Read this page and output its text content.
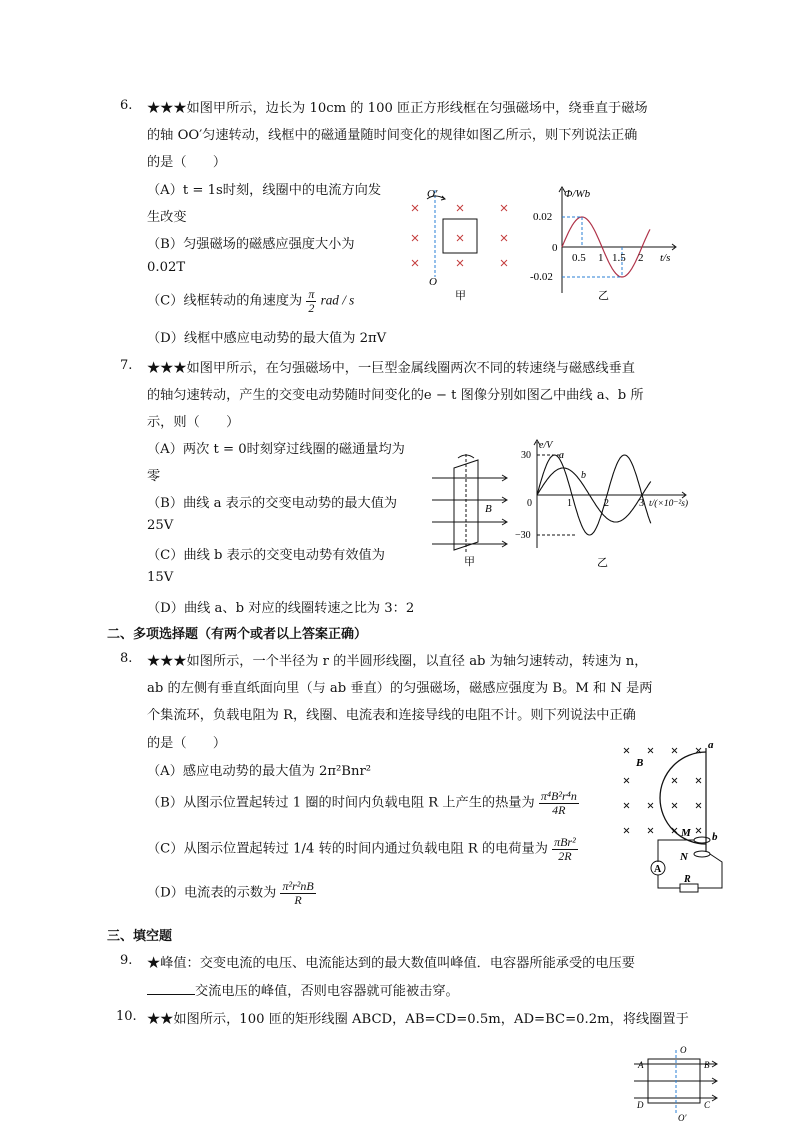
6. ★★★如图甲所示，边长为 10cm 的 100 匝正方形线框在匀强磁场中，绕垂直于磁场
的轴 OO′匀速转动，线框中的磁通量随时间变化的规律如图乙所示，则下列说法正确
的是（　　）
（A）t = 1s时刻，线圈中的电流方向发
生改变
（B）匀强磁场的磁感应强度大小为
0.02T
（C）线框转动的角速度为 $\frac{\pi}{2}$ rad / s
（D）线框中感应电动势的最大值为 2πV
O′
O
甲
Φ/Wb
t/s
0.02
0
-0.02
0.5 1 1.5 2
乙
7. ★★★如图甲所示，在匀强磁场中，一巨型金属线圈两次不同的转速绕与磁感线垂直
的轴匀速转动，产生的交变电动势随时间变化的e − t 图像分别如图乙中曲线 a、b 所
示，则（　　）
（A）两次 t = 0时刻穿过线圈的磁通量均为
零
（B）曲线 a 表示的交变电动势的最大值为
25V
（C）曲线 b 表示的交变电动势有效值为
15V
（D）曲线 a、b 对应的线圈转速之比为 3：2
B
甲
e/V
t/(×10⁻²s)
30
0
−30
1	2	3
a
b
乙
二、多项选择题（有两个或者以上答案正确）
8. ★★★如图所示，一个半径为 r 的半圆形线圈，以直径 ab 为轴匀速转动，转速为 n，
ab 的左侧有垂直纸面向里（与 ab 垂直）的匀强磁场，磁感应强度为 B。M 和 N 是两
个集流环，负载电阻为 R，线圈、电流表和连接导线的电阻不计。则下列说法中正确
的是（　　）
（A）感应电动势的最大值为 2π²Bnr²
（B）从图示位置起转过 1 圈的时间内负载电阻 R 上产生的热量为 $\frac{\text{π⁴B²r⁴n}}{4R}$
（C）从图示位置起转过 1/4 转的时间内通过负载电阻 R 的电荷量为 $\frac{\text{πBr²}}{2R}$
（D）电流表的示数为 $\frac{\text{π²r²nB}}{R}$
a
b
B
M
N
A
R
三、填空题
9. ★峰值：交变电流的电压、电流能达到的最大数值叫峰值．电容器所能承受的电压要
交流电压的峰值，否则电容器就可能被击穿。
10. ★★如图所示，100 匝的矩形线圈 ABCD，AB=CD=0.5m，AD=BC=0.2m，将线圈置于
O
O′
A	B
C
D
